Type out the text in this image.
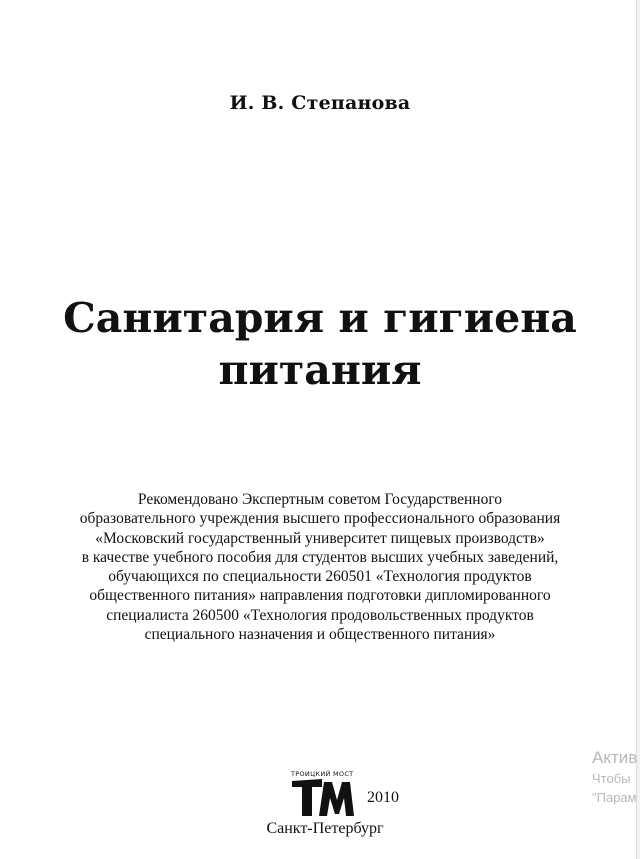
И. В. Степанова
Санитария и гигиена
питания
Рекомендовано Экспертным советом Государственного
образовательного учреждения высшего профессионального образования
«Московский государственный университет пищевых производств»
в качестве учебного пособия для студентов высших учебных заведений,
обучающихся по специальности 260501 «Технология продуктов
общественного питания» направления подготовки дипломированного
специалиста 260500 «Технология продовольственных продуктов
специального назначения и общественного питания»
ТРОИЦКИЙ МОСТ
2010
Санкт-Петербург
Актив
Чтобы
"Парам
